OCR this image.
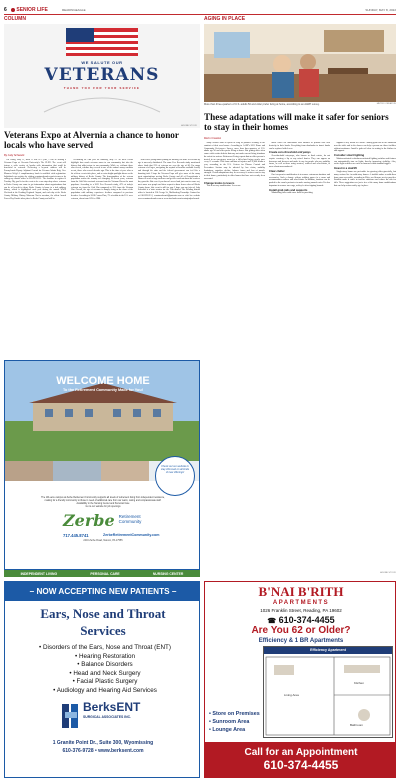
6	SENIOR LIFE	READINGEAGLE	SUNDAY, MAY 8, 2022
COLUMN	AGING IN PLACE
WE SALUTE OUR
VETERANS
THANK YOU FOR YOUR SERVICE
ADOBE STOCK
Veterans Expo at Alvernia a chance to honor locals who have served
By Judy Schwank

On Friday, May 13, from 11 a.m. to 2 p.m., I will be hosting a Veterans Expo at Alvernia University's The PLEX. The event will feature a wide variety of booths with information that could be beneficial to veterans. Delivering a keynote address will be Pennsylvania Deputy Adjutant General for Veterans Affairs Brig. Gen. Maureen Weigl. A complimentary lunch is available with registration. Individuals can register by visiting senatorschwank.com/veterans or by calling my district office at 610-929-2151. The deadline to register is Tuesday. My goal is for the event to be a one-stop shop where veterans in Berks County can come to get information about organizations that can be of benefit to them. Berks County is home to a rich military history, which is highlighted each year during the annual WWII Weekend at the Reading Regional Airport, and each day at the Berks County Military History Museum. Not to mention, the oldest Armed Forces Day Parade takes place in Berks County and will be

celebrating its 74th year on Saturday, May 21. All these events highlight how much veterans mean to our community but also the history that adds texture to our community. While we celebrate those who served, whether they served in one of the nation's many conflicts or not, those who served decades ago. This is the time of year when a lot of these events take place, and as extra bright spotlight shines on the military history of Berks County. The demographics of the veteran population across the country are changing. In recent years, veterans from the Gulf War overtook veterans from the Vietnam War as the most populous. According to a 2021 Pew Research study, 47% of today's veterans are from the Gulf War compared to 35% from the Vietnam War. Overall, the age of veterans is sharply rising as the share of the population with military experience declines compared to previous decades. According to 2018 Census Data, 7% of adults in the U.S. were veterans, down from 18% in 1980.

With fewer young adults joining the military, the share of veterans by age is unevenly distributed. The same Pew Research study mentioned above finds that 23% of veterans are over the age of 80. For many veterans of all ages, navigating the myriad of benefits available locally and through the state and the federal government can feel like a daunting task. I hope the Veterans Expo will give some of the many great organizations serving Berks County and all of Pennsylvania a chance to reach a large audience and get the word out about the services they provide. But even if you haven't served and just want to come out, meet some new people and show respect to those heroes who call Berks County home, this event is still for you. I hope you can join us! Judy Schwank is a state senator for the 11th district. Her Reading district office is located at 210 George St., Muhlenberg Township. Contact her at 610-929-2151, senatorschwank@pasenate.com or visit her website www.senatorschwank.com or www.facebook.com/senatorjudyschwank.

More than three-quarters of U.S. adults 50 and older prefer living at home, according to an AARP survey.	METRO CREATIVE
These adaptations will make it safer for seniors to stay in their homes
Metro Creative

Many seniors want to spend as long as possible residing in the comfort of their own homes. According to AARP's 2021 Home and Community Preferences Survey, more than three-quarters of U.S. adults age 50 and older prefer living at home. But getting older often comes with certain deficits that may not make current living situations the safest for seniors. Retirement Living reports that an older person is treated in an emergency room for a fall-related injury nearly once every 11 seconds. Falls cause millions of injuries and 32,000 deaths a year, according to the U.S. Centers for Disease Control and Prevention. Seniors may be affected by low vision, mobility limitations, cognitive decline, balance issues and loss of muscle strength. Certain adaptations may be necessary if seniors want to stay in their homes, particularly in older homes that have not recently been renovated.

Change knobs to levers

This is an easy modification. Levers are

much easier for individuals with arthritis or persons who lack dexterity in their hands. Everything from doorknobs to faucet knobs can be replaced with levers.

Create zero-threshold entryways

Zero-threshold entryways, also known as flush entries, do not require crossing a lip or any raised barrier. They can appear on doorways and showers and make it easy for people who use mobility issues, as well as those using scooters, walkers and wheelchairs, to move about unencumbered.

Clear clutter

One inexpensive modification is to remove extraneous furniture and accessories. Such a change widens walking spaces in a room and accommodates walkers and wheelchairs. In addition, furniture can be pushed to the room's perimeter to make moving around easier. It's also important to remove area rugs, as they're often tripping hazards.

Install grab rails and supports

Minimizing falls could come down to providing

support in key rooms of a home. Adding grab rails in the bathroom near the toilet and in the shower can help a person use those facilities without assistance. Install a grab rail close to seating in the kitchen to add support.

Consider smart lighting

Motion-activated or darkness-activated lighting switches and fixtures can automatically turn on lights, thereby improving visibility. Also, rocker light switches are easier to maneuver than standard toggles.

Invest in a stairlift

Single-story homes are preferable for growing older gracefully, but many seniors live in multi-story homes. A stairlift makes a multi-floor home more accessible, according to Elder, an eldercare service provider. Stairlifts make it easier to traverse staircases and reduce the risk for falls. These suggestions are just a few of the many home modifications that can help seniors safely age in place.

WELCOME HOME
To the Retirement Community Made for You!
Check out our website to stay informed on all kinds of new offerings!
The 101-acre campus at Zerbe Retirement Community supports all levels of retirement living from independent residence,
making for a friendly community to those in need of additional care from our warm, caring and compassionate staff.
Availability in the Nursing Center and Personal Care
Go to our website for job openings
Zerbe Retirement
Community
717.445.8741	ZerbeRetirementCommunity.com
2416 Zerbe Road, Narvon, PA 17555
INDEPENDENT LIVING	PERSONAL CARE	NURSING CENTER	ADOBE STOCK
– NOW ACCEPTING NEW PATIENTS –
Ears, Nose and Throat
Services
• Disorders of the Ears, Nose and Throat (ENT)
• Hearing Restoration
• Balance Disorders
• Head and Neck Surgery
• Facial Plastic Surgery
• Audiology and Hearing Aid Services
BerksENT
SURGICAL ASSOCIATES INC.
1 Granite Point Dr., Suite 300, Wyomissing
610-376-9728 • www.berksent.com
B'NAI B'RITH
APARTMENTS
1026 Franklin Street, Reading, PA 19602
☎ 610-374-4455
Are You 62 or Older?
Efficiency & 1 BR Apartments
Efficiency Apartment
Living Area
Kitchen
Bathroom
• Store on Premises
• Sunroom Area
• Lounge Area
Call for an Appointment
610-374-4455
